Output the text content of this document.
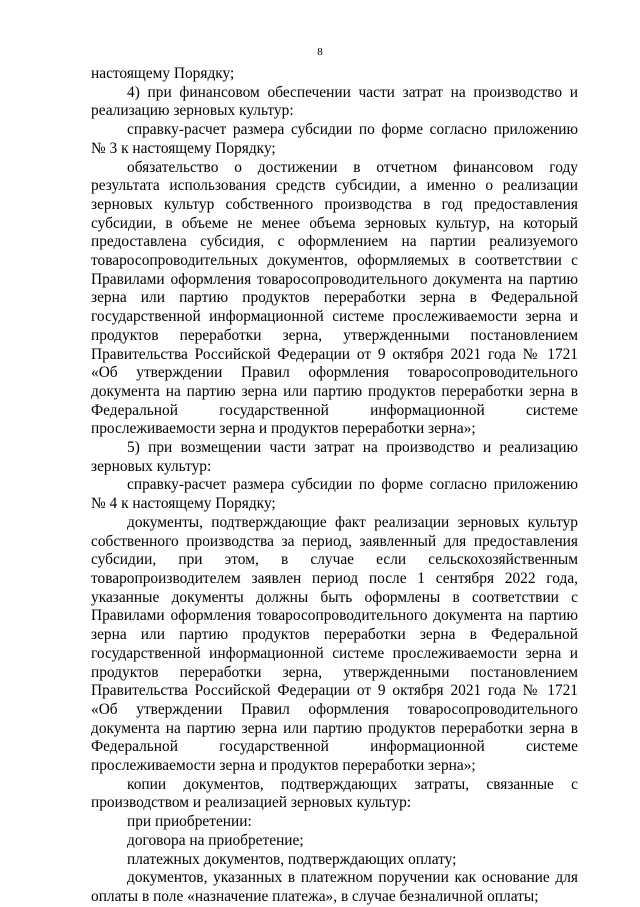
8

настоящему Порядку;

4) при финансовом обеспечении части затрат на производство и реализацию зерновых культур:

справку-расчет размера субсидии по форме согласно приложению № 3 к настоящему Порядку;

обязательство о достижении в отчетном финансовом году результата использования средств субсидии, а именно о реализации зерновых культур собственного производства в год предоставления субсидии, в объеме не менее объема зерновых культур, на который предоставлена субсидия, с оформлением на партии реализуемого товаросопроводительных документов, оформляемых в соответствии с Правилами оформления товаросопроводительного документа на партию зерна или партию продуктов переработки зерна в Федеральной государственной информационной системе прослеживаемости зерна и продуктов переработки зерна, утвержденными постановлением Правительства Российской Федерации от 9 октября 2021 года № 1721 «Об утверждении Правил оформления товаросопроводительного документа на партию зерна или партию продуктов переработки зерна в Федеральной государственной информационной системе прослеживаемости зерна и продуктов переработки зерна»;

5) при возмещении части затрат на производство и реализацию зерновых культур:

справку-расчет размера субсидии по форме согласно приложению № 4 к настоящему Порядку;

документы, подтверждающие факт реализации зерновых культур собственного производства за период, заявленный для предоставления субсидии, при этом, в случае если сельскохозяйственным товаропроизводителем заявлен период после 1 сентября 2022 года, указанные документы должны быть оформлены в соответствии с Правилами оформления товаросопроводительного документа на партию зерна или партию продуктов переработки зерна в Федеральной государственной информационной системе прослеживаемости зерна и продуктов переработки зерна, утвержденными постановлением Правительства Российской Федерации от 9 октября 2021 года № 1721 «Об утверждении Правил оформления товаросопроводительного документа на партию зерна или партию продуктов переработки зерна в Федеральной государственной информационной системе прослеживаемости зерна и продуктов переработки зерна»;

копии документов, подтверждающих затраты, связанные с производством и реализацией зерновых культур:

при приобретении:

договора на приобретение;

платежных документов, подтверждающих оплату;

документов, указанных в платежном поручении как основание для оплаты в поле «назначение платежа», в случае безналичной оплаты;
